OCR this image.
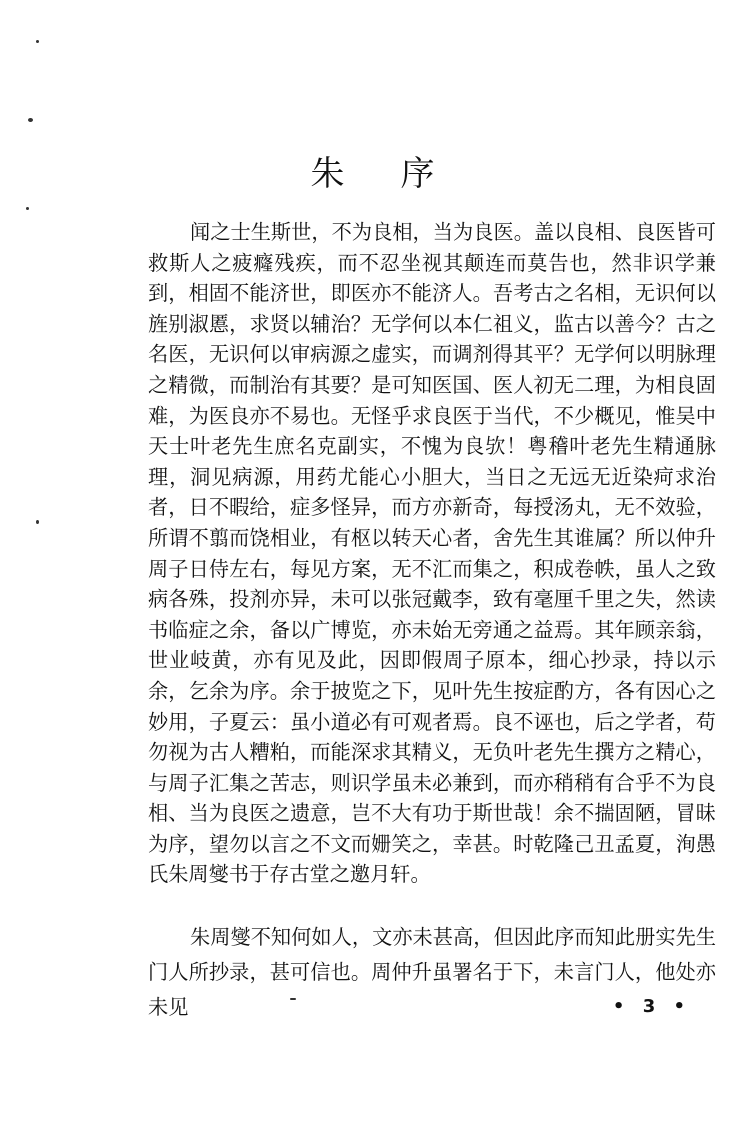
朱 序

闻之士生斯世，不为良相，当为良医。盖以良相、良医皆可救斯人之疲癃残疾，而不忍坐视其颠连而莫告也，然非识学兼到，相固不能济世，即医亦不能济人。吾考古之名相，无识何以旌别淑慝，求贤以辅治？无学何以本仁祖义，监古以善今？古之名医，无识何以审病源之虚实，而调剂得其平？无学何以明脉理之精微，而制治有其要？是可知医国、医人初无二理，为相良固难，为医良亦不易也。无怪乎求良医于当代，不少概见，惟吴中天士叶老先生庶名克副实，不愧为良欤！粤稽叶老先生精通脉理，洞见病源，用药尤能心小胆大，当日之无远无近染疴求治者，日不暇给，症多怪异，而方亦新奇，每授汤丸，无不效验，所谓不翦而饶相业，有枢以转天心者，舍先生其谁属？所以仲升周子日侍左右，每见方案，无不汇而集之，积成卷帙，虽人之致病各殊，投剂亦异，未可以张冠戴李，致有毫厘千里之失，然读书临症之余，备以广博览，亦未始无旁通之益焉。其年顾亲翁，世业岐黄，亦有见及此，因即假周子原本，细心抄录，持以示余，乞余为序。余于披览之下，见叶先生按症酌方，各有因心之妙用，子夏云：虽小道必有可观者焉。良不诬也，后之学者，苟勿视为古人糟粕，而能深求其精义，无负叶老先生撰方之精心，与周子汇集之苦志，则识学虽未必兼到，而亦稍稍有合乎不为良相、当为良医之遗意，岂不大有功于斯世哉！余不揣固陋，冒昧为序，望勿以言之不文而姗笑之，幸甚。时乾隆己丑孟夏，洵愚氏朱周燮书于存古堂之邀月轩。

朱周燮不知何如人，文亦未甚高，但因此序而知此册实先生门人所抄录，甚可信也。周仲升虽署名于下，未言门人，他处亦未见	• 3 •
